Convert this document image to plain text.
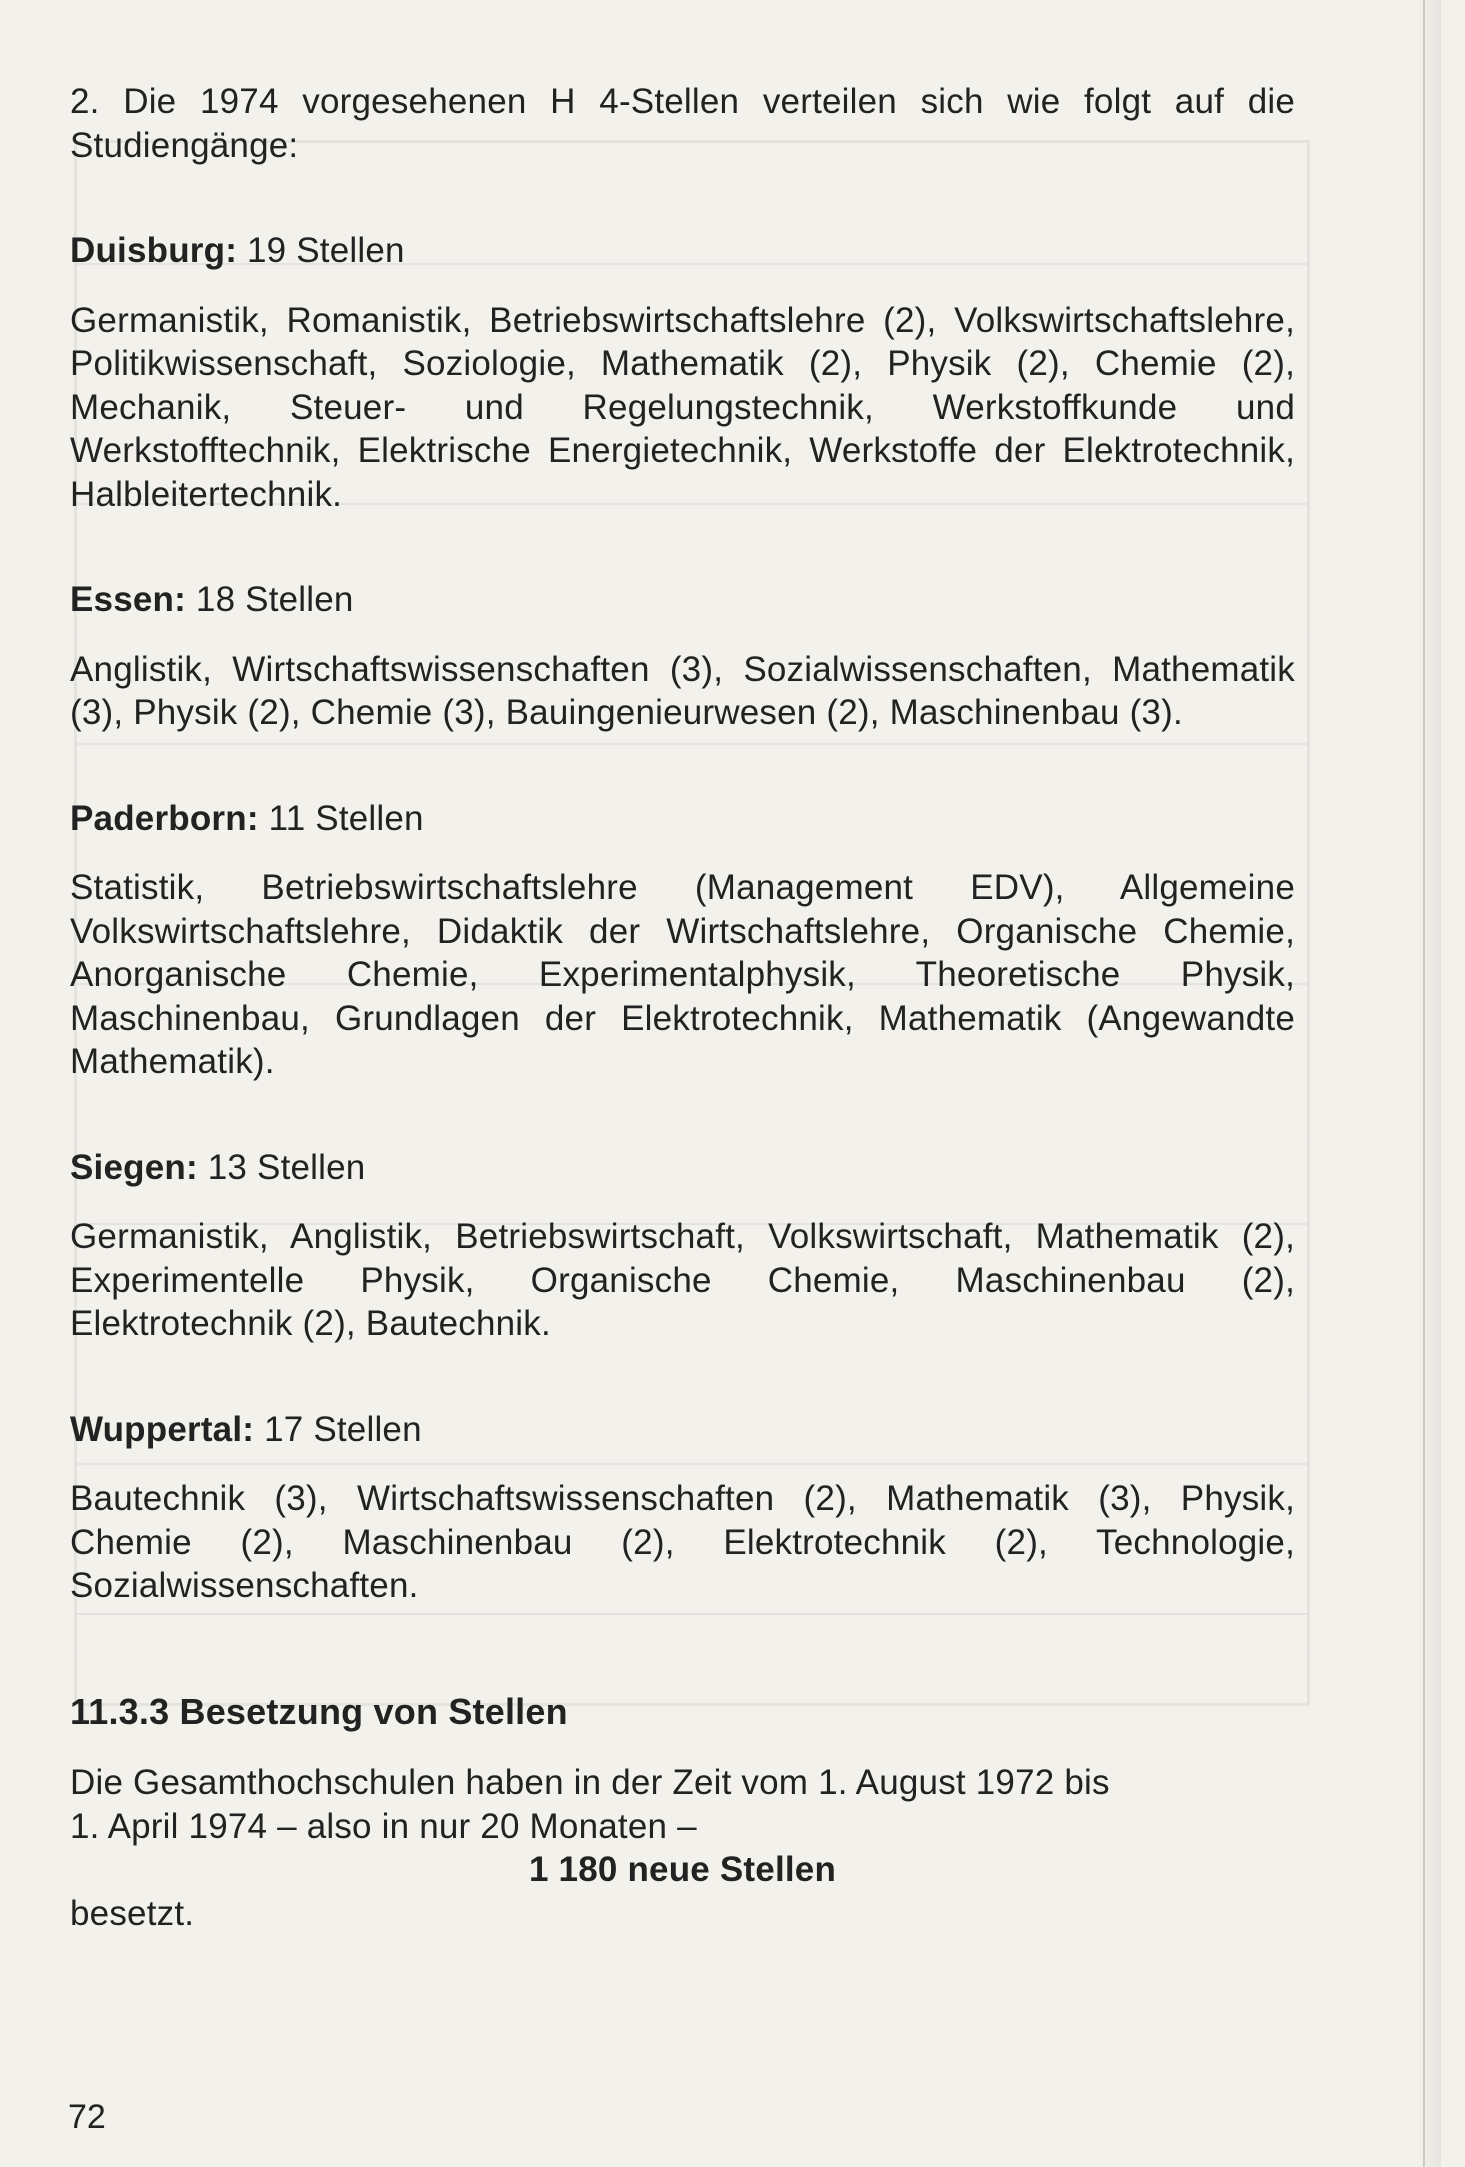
2. Die 1974 vorgesehenen H 4-Stellen verteilen sich wie folgt auf die Studiengänge:

Duisburg: 19 Stellen

Germanistik, Romanistik, Betriebswirtschaftslehre (2), Volkswirtschaftslehre, Politikwissenschaft, Soziologie, Mathematik (2), Physik (2), Chemie (2), Mechanik, Steuer- und Regelungstechnik, Werkstoffkunde und Werkstofftechnik, Elektrische Energietechnik, Werkstoffe der Elektrotechnik, Halbleitertechnik.

Essen: 18 Stellen

Anglistik, Wirtschaftswissenschaften (3), Sozialwissenschaften, Mathematik (3), Physik (2), Chemie (3), Bauingenieurwesen (2), Maschinenbau (3).

Paderborn: 11 Stellen

Statistik, Betriebswirtschaftslehre (Management EDV), Allgemeine Volkswirtschaftslehre, Didaktik der Wirtschaftslehre, Organische Chemie, Anorganische Chemie, Experimentalphysik, Theoretische Physik, Maschinenbau, Grundlagen der Elektrotechnik, Mathematik (Angewandte Mathematik).

Siegen: 13 Stellen

Germanistik, Anglistik, Betriebswirtschaft, Volkswirtschaft, Mathematik (2), Experimentelle Physik, Organische Chemie, Maschinenbau (2), Elektrotechnik (2), Bautechnik.

Wuppertal: 17 Stellen

Bautechnik (3), Wirtschaftswissenschaften (2), Mathematik (3), Physik, Chemie (2), Maschinenbau (2), Elektrotechnik (2), Technologie, Sozialwissenschaften.

11.3.3 Besetzung von Stellen

Die Gesamthochschulen haben in der Zeit vom 1. August 1972 bis

1. April 1974 – also in nur 20 Monaten –

1 180 neue Stellen

besetzt.

72
